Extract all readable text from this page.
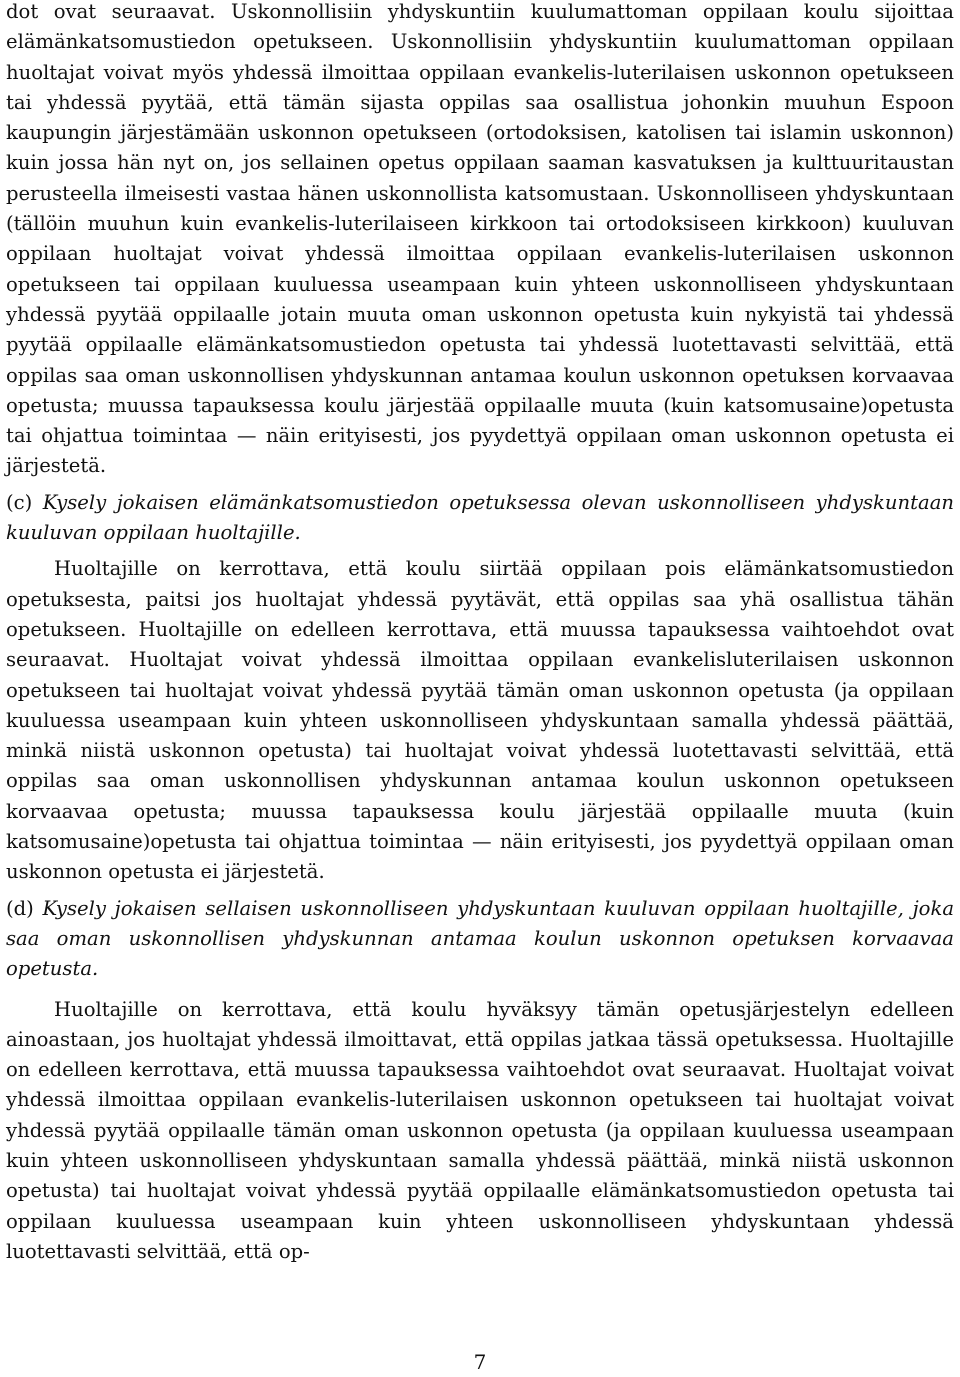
dot ovat seuraavat. Uskonnollisiin yhdyskuntiin kuulumattoman oppilaan koulu sijoittaa elämänkatsomustiedon opetukseen. Uskonnollisiin yhdyskuntiin kuulumattoman oppilaan huoltajat voivat myös yhdessä ilmoittaa oppilaan evankelis-luterilaisen uskonnon opetukseen tai yhdessä pyytää, että tämän sijasta oppilas saa osallistua johonkin muuhun Espoon kaupungin järjestämään uskonnon opetukseen (ortodoksisen, katolisen tai islamin uskonnon) kuin jossa hän nyt on, jos sellainen opetus oppilaan saaman kasvatuksen ja kulttuuritaustan perusteella ilmeisesti vastaa hänen uskonnollista katsomustaan. Uskonnolliseen yhdyskuntaan (tällöin muuhun kuin evankelis-luterilaiseen kirkkoon tai ortodoksiseen kirkkoon) kuuluvan oppilaan huoltajat voivat yhdessä ilmoittaa oppilaan evankelis-luterilaisen uskonnon opetukseen tai oppilaan kuuluessa useampaan kuin yhteen uskonnolliseen yhdyskuntaan yhdessä pyytää oppilaalle jotain muuta oman uskonnon opetusta kuin nykyistä tai yhdessä pyytää oppilaalle elämänkatsomustiedon opetusta tai yhdessä luotettavasti selvittää, että oppilas saa oman uskonnollisen yhdyskunnan antamaa koulun uskonnon opetuksen korvaavaa opetusta; muussa tapauksessa koulu järjestää oppilaalle muuta (kuin katsomusaine)opetusta tai ohjattua toimintaa — näin erityisesti, jos pyydettyä oppilaan oman uskonnon opetusta ei järjestetä.

(c) Kysely jokaisen elämänkatsomustiedon opetuksessa olevan uskonnolliseen yhdyskuntaan kuuluvan oppilaan huoltajille.

Huoltajille on kerrottava, että koulu siirtää oppilaan pois elämänkatsomustiedon opetuksesta, paitsi jos huoltajat yhdessä pyytävät, että oppilas saa yhä osallistua tähän opetukseen. Huoltajille on edelleen kerrottava, että muussa tapauksessa vaihtoehdot ovat seuraavat. Huoltajat voivat yhdessä ilmoittaa oppilaan evankelisluterilaisen uskonnon opetukseen tai huoltajat voivat yhdessä pyytää tämän oman uskonnon opetusta (ja oppilaan kuuluessa useampaan kuin yhteen uskonnolliseen yhdyskuntaan samalla yhdessä päättää, minkä niistä uskonnon opetusta) tai huoltajat voivat yhdessä luotettavasti selvittää, että oppilas saa oman uskonnollisen yhdyskunnan antamaa koulun uskonnon opetukseen korvaavaa opetusta; muussa tapauksessa koulu järjestää oppilaalle muuta (kuin katsomusaine)opetusta tai ohjattua toimintaa — näin erityisesti, jos pyydettyä oppilaan oman uskonnon opetusta ei järjestetä.

(d) Kysely jokaisen sellaisen uskonnolliseen yhdyskuntaan kuuluvan oppilaan huoltajille, joka saa oman uskonnollisen yhdyskunnan antamaa koulun uskonnon opetuksen korvaavaa opetusta.

Huoltajille on kerrottava, että koulu hyväksyy tämän opetusjärjestelyn edelleen ainoastaan, jos huoltajat yhdessä ilmoittavat, että oppilas jatkaa tässä opetuksessa. Huoltajille on edelleen kerrottava, että muussa tapauksessa vaihtoehdot ovat seuraavat. Huoltajat voivat yhdessä ilmoittaa oppilaan evankelis-luterilaisen uskonnon opetukseen tai huoltajat voivat yhdessä pyytää oppilaalle tämän oman uskonnon opetusta (ja oppilaan kuuluessa useampaan kuin yhteen uskonnolliseen yhdyskuntaan samalla yhdessä päättää, minkä niistä uskonnon opetusta) tai huoltajat voivat yhdessä pyytää oppilaalle elämänkatsomustiedon opetusta tai oppilaan kuuluessa useampaan kuin yhteen uskonnolliseen yhdyskuntaan yhdessä luotettavasti selvittää, että op-

7
